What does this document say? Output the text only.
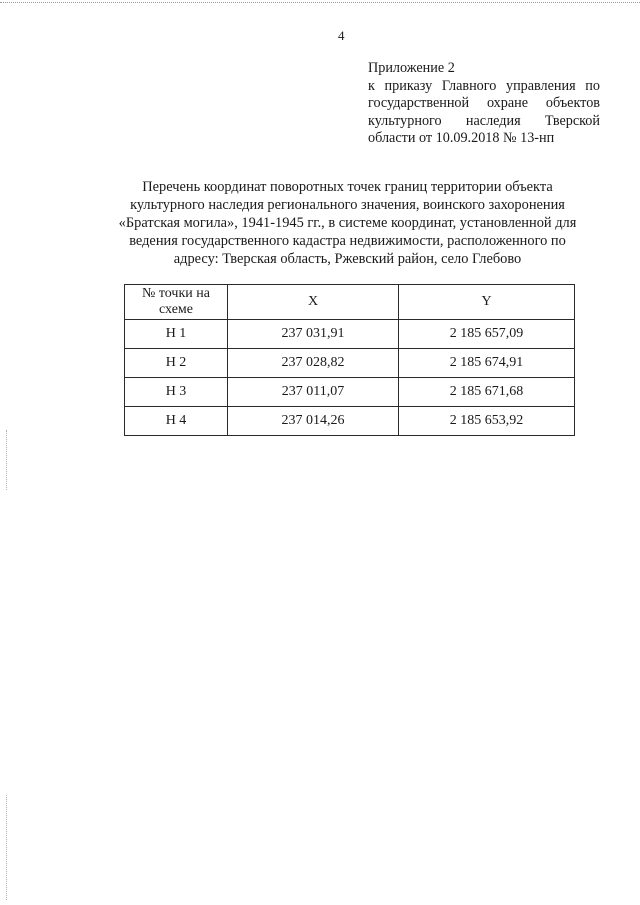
4
Приложение 2
к приказу Главного управления по
государственной охране объектов
культурного наследия Тверской
области от 10.09.2018 № 13-нп
Перечень координат поворотных точек границ территории объекта
культурного наследия регионального значения, воинского захоронения
«Братская могила», 1941-1945 гг., в системе координат, установленной для
ведения государственного кадастра недвижимости, расположенного по
адресу: Тверская область, Ржевский район, село Глебово
№ точки на
схеме	X	Y
Н 1	237 031,91	2 185 657,09
Н 2	237 028,82	2 185 674,91
Н 3	237 011,07	2 185 671,68
Н 4	237 014,26	2 185 653,92
